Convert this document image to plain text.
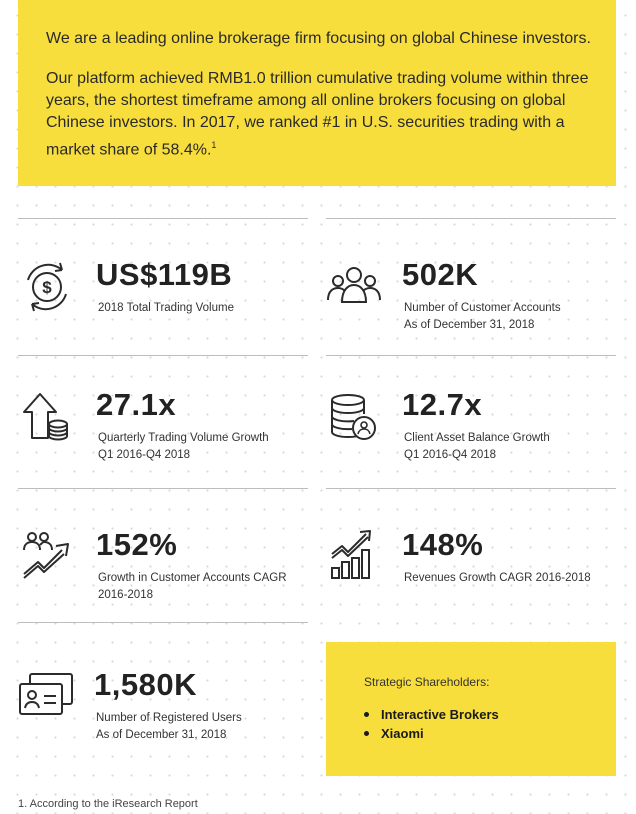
We are a leading online brokerage firm focusing on global Chinese investors.

Our platform achieved RMB1.0 trillion cumulative trading volume within three years, the shortest timeframe among all online brokers focusing on global Chinese investors. In 2017, we ranked #1 in U.S. securities trading with a market share of 58.4%.$^1$

$ US$119B
2018 Total Trading Volume
502K
Number of Customer Accounts
As of December 31, 2018
27.1x
Quarterly Trading Volume Growth
Q1 2016-Q4 2018
12.7x
Client Asset Balance Growth
Q1 2016-Q4 2018
152%
Growth in Customer Accounts CAGR
2016-2018
148%
Revenues Growth CAGR 2016-2018
1,580K
Number of Registered Users
As of December 31, 2018
Strategic Shareholders:
Interactive Brokers
Xiaomi
1. According to the iResearch Report
